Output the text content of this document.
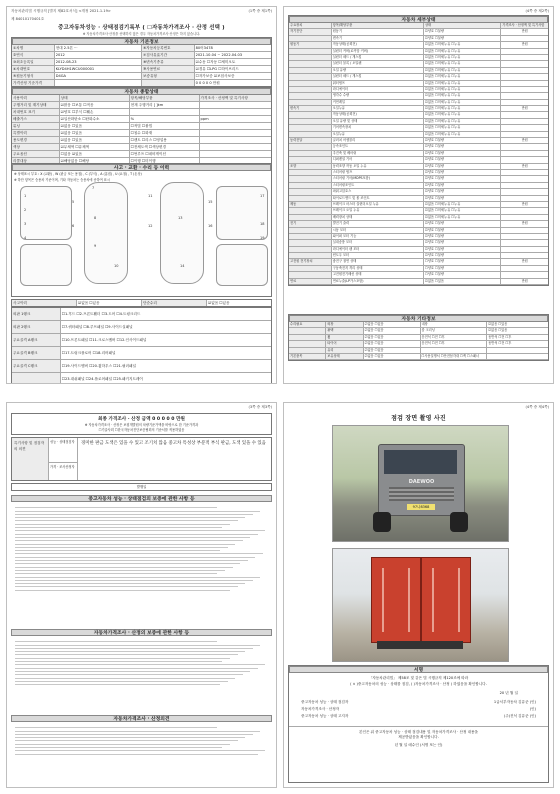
자동차관리법 시행규칙 [별지 제82호서식] <개정 2021.1.19>	(1쪽 중 제1쪽)
제 84010170401호
중고자동차성능 · 상태점검기록부 ( ☐자동차가격조사 · 산정 선택 )
※ 자동차가격조사·산정을 선택하지 않은 경우 자동차가격조사·산정은 하지 않습니다.
자동차 기본정보
①차명	현대 2.5톤 ···	⑥자동차등록번호	80어3478
②연식	2012	⑦검사유효기간	2021.10.04 ~ 2022.04.03
③최초등록일	2012-08-23	⑧변속기종류	☑수동 ☐자동 ☐세미오토
④차대번호	KLYD4H1WCU000001	⑨사용연료	☑경유 ☐LPG ☐하이브리드
⑤원동기형식	D4GA	보증유형	☐자가보증 ☑보험사보증
가격산정 기준가격	0 0 0 0 0 만원
자동차 종합상태
사용이력	상태	항목/해당부품	가격조사 · 산정액 및 특기사항
주행거리 및 계기상태	☑많음 ☐보통 ☐적음	현재 주행거리 [ ]km
차대번호 표기	☑양호 ☐부식 ☐훼손
배출가스	☑일산화탄소 ☐탄화수소	%	ppm
튜닝	☑없음 ☐있음	☐적법 ☐불법
특별이력	☑없음 ☐있음	☐침수 ☐화재
용도변경	☑없음 ☐있음	☐렌트 ☐리스 ☐영업용
색상	☑무채색 ☐유채색	☐전체도색 ☐색상변경
주요옵션	☐없음 ☑있음	☐썬루프 ☐네비게이션
리콜대상	☑해당없음 ☐해당	☐이행 ☐미이행
사고 · 교환 · 수리 등 이력
※ 상태표시 부호 : X (교환) , W (판금 또는 용접) , C (부식) , A (흠집) , U (요철) , T (손상)
※ 하단 항목은 승용차 기준이며, 기타 자동차는 승용차에 준하여 표시
1
2
3
4
5
6
7
8
9
10
11
12
13
14
15
16
17
18
19
사고이력	☑없음 ☐있음	단순수리	☑없음 ☐있음
외판 1랭크	☐1.후드 ☐2.프론트휀더 ☐3.도어 ☐4.트렁크리드
외판 2랭크	☐7.쿼터패널 ☐8.루프패널 ☐9.사이드실패널
주요골격 A랭크	☐10.프론트패널 ☐11.크로스멤버 ☐12.인사이드패널
주요골격 B랭크	☐17.트렁크플로어 ☐18.리어패널
주요골격 C랭크	☐19.사이드멤버 ☐20.휠하우스 ☐21.필러패널
☐23.대쉬패널 ☐24.플로어패널 ☐25.패키지트레이
(4쪽 중 제2쪽)
자동차 세부상태
주요장치	항목/해당부품	상태	가격조사 · 산정액 및 특기사항
자기진단	원동기	☑양호 ☐불량	만원
변속기	☑양호 ☐불량
원동기	작동상태(공회전)	☑없음 ☐미세누유 ☐누유	만원
실린더 커버(로커암 커버)	☑없음 ☐미세누유 ☐누유
실린더 헤드 / 개스킷	☑없음 ☐미세누유 ☐누유
실린더 블록 / 오일팬	☑없음 ☐미세누유 ☐누유
오일 유량	☑없음 ☐미세누유 ☐누유
실린더 헤드 / 개스킷	☑없음 ☐미세누유 ☐누유
워터펌프	☑없음 ☐미세누유 ☐누유
라디에이터	☑없음 ☐미세누유 ☐누유
냉각수 수량	☑없음 ☐미세누유 ☐누유
커먼레일	☑없음 ☐미세누유 ☐누유
변속기	오일누유	☑없음 ☐미세누유 ☐누유	만원
작동상태(공회전)	☑없음 ☐미세누유 ☐누유
오일 유량 및 상태	☑없음 ☐미세누유 ☐누유
기어변속장치	☑없음 ☐미세누유 ☐누유
오일누유	☑없음 ☐미세누유 ☐누유
동력전달	클러치 어셈블리	☑양호 ☐불량	만원
등속조인트	☑양호 ☐불량
추진축 및 베어링	☑양호 ☐불량
디퍼렌셜 기어	☑양호 ☐불량
조향	동력조향 작동 오일 누유	☑양호 ☐불량	만원
스티어링 펌프	☑양호 ☐불량
스티어링 기어(MDPS포함)	☑양호 ☐불량
스티어링조인트	☑양호 ☐불량
파워고압호스	☑양호 ☐불량
타이로드엔드 및 볼 조인트	☑양호 ☐불량
제동	브레이크 마스터 실린더오일 누유	☑없음 ☐미세누유 ☐누유	만원
브레이크 오일 누유	☑없음 ☐미세누유 ☐누유
배력장치 상태	☑없음 ☐미세누유 ☐누유
전기	발전기 출력	☑양호 ☐불량	만원
시동 모터	☑양호 ☐불량
와이퍼 모터 기능	☑양호 ☐불량
실내송풍 모터	☑양호 ☐불량
라디에이터 팬 모터	☑양호 ☐불량
윈도우 모터	☑양호 ☐불량
고전원 전기장치	충전구 절연 상태	☐양호 ☐불량	만원
구동축전지 격리 상태	☐양호 ☐불량
고전원전기배선 상태	☐양호 ☐불량
연료	연료누출(LP가스포함)	☑없음 ☐있음	만원
자동차 기타정보
수리필요	외장	☑없음 ☐있음	내장	☑없음 ☐있음
광택	☑없음 ☐있음	룸 크리닝	☑없음 ☐있음
휠	☑없음 ☐있음	운전석 ☐전 ☐후	동반석 ☐전 ☐후
타이어	☑없음 ☐있음	운전석 ☐전 ☐후	동반석 ☐전 ☐후
유리	☑없음 ☐있음
기본품목	보유상태	☑없음 ☐있음	☐사용설명서 ☐안전삼각대 ☐잭 ☐스패너
(3쪽 중 제3쪽)
최종 가격조사 · 산정 금액 0 0 0 0 0 만원
※ 자동차가격조사 · 산정은 보험개발원의 차량기준가액을 바탕으로 한 기준가격과
☐기술사회 ☐한국자동차진단보증협회의 기준서를 적용하였음
특기사항 및 점검자의 의견
성능 · 상태점검자
가격 · 조사산정자
경미한 판금 도색은 있을 수 있고 조기치 않음 중고차 특성상 부분적 부식 판금, 도색 있을 수 있음
발행일
중고자동차 성능 · 상태점검의 보증에 관한 사항 등
자동차가격조사 · 산정의 보증에 관한 사항 등
자동차가격조사 · 산정의견
(4쪽 중 제4쪽)
점검 장면 촬영 사진
DAEWOO
97나8368
서명
「자동차관리법」 제58조 및 같은 법 시행규칙 제120조에 따라
( ∨ )중고자동차의 성능 · 상태를 점검, ( )자동차가격조사 · 산정 ) 하였음을 확인합니다.
20 년 월 일
중고자동차 성능 · 상태 점검자	1급서부자동차 김유준 (인)
자동차가격조사 · 산정자	(인)
중고자동차 성능 · 상태 고지자	(주)진석 김유준 (인)
본인은 위 중고자동차 성능 · 상태 점검내용 및 자동차가격조사 · 산정 내용을
제공받았음을 확인합니다.
년 월 일 매수인 (서명 또는 인)
